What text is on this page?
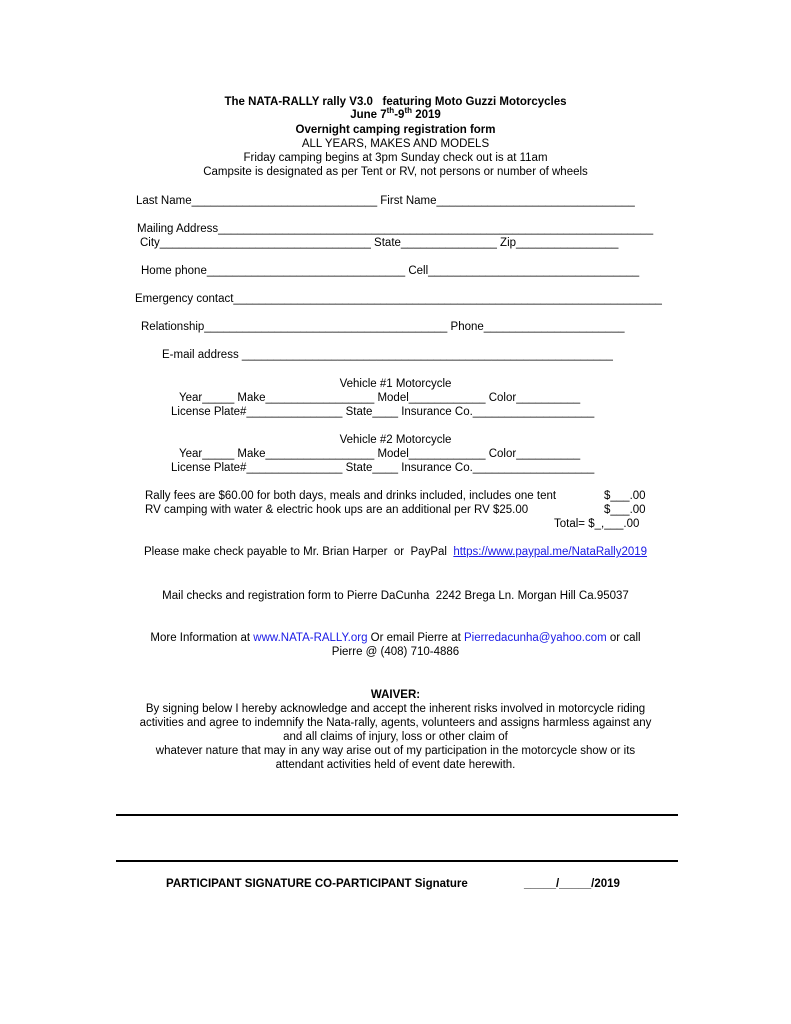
The NATA-RALLY rally V3.0   featuring Moto Guzzi Motorcycles
June 7th-9th 2019
Overnight camping registration form
ALL YEARS, MAKES AND MODELS
Friday camping begins at 3pm Sunday check out is at 11am
Campsite is designated as per Tent or RV, not persons or number of wheels
Last Name_____________________________ First Name_______________________________
Mailing Address____________________________________________________________________
City_________________________________ State_______________ Zip________________
Home phone_______________________________ Cell_________________________________
Emergency contact___________________________________________________________________
Relationship______________________________________ Phone______________________
E-mail address __________________________________________________________
Vehicle #1 Motorcycle
Year_____ Make_________________ Model____________ Color__________
License Plate#_______________ State____ Insurance Co.___________________
Vehicle #2 Motorcycle
Year_____ Make_________________ Model____________ Color__________
License Plate#_______________ State____ Insurance Co.___________________
Rally fees are $60.00 for both days, meals and drinks included, includes one tent	$___.00
RV camping with water & electric hook ups are an additional per RV $25.00	$___.00
Total= $_,___.00
Please make check payable to Mr. Brian Harper  or  PayPal  https://www.paypal.me/NataRally2019
Mail checks and registration form to Pierre DaCunha  2242 Brega Ln. Morgan Hill Ca.95037
More Information at www.NATA-RALLY.org Or email Pierre at Pierredacunha@yahoo.com or call
Pierre @ (408) 710-4886
WAIVER:
By signing below I hereby acknowledge and accept the inherent risks involved in motorcycle riding
activities and agree to indemnify the Nata-rally, agents, volunteers and assigns harmless against any
and all claims of injury, loss or other claim of
whatever nature that may in any way arise out of my participation in the motorcycle show or its
attendant activities held of event date herewith.
PARTICIPANT SIGNATURE CO-PARTICIPANT Signature	_____/_____/2019
